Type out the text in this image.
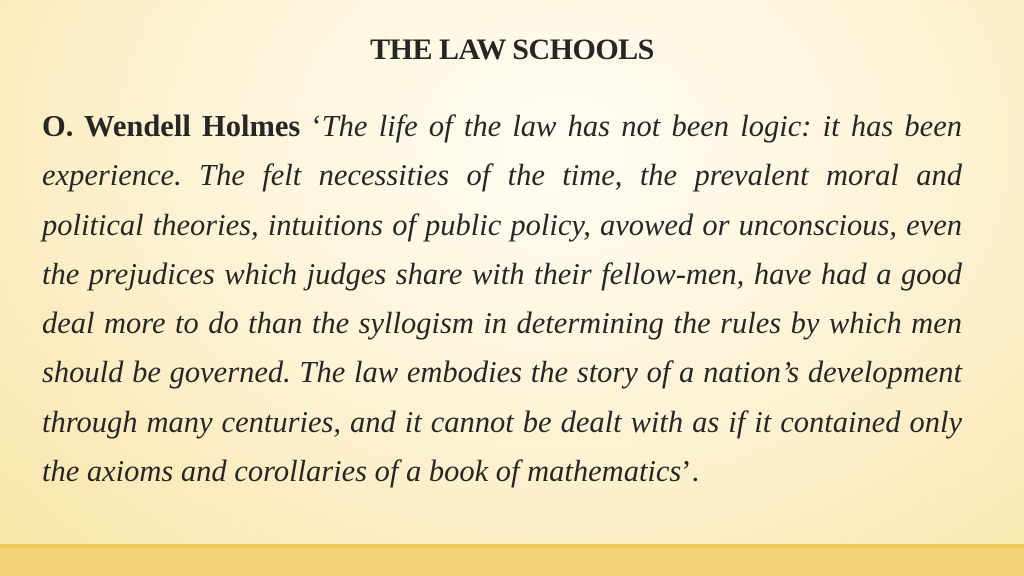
THE LAW SCHOOLS
O. Wendell Holmes ‘The life of the law has not been logic: it has been experience. The felt necessities of the time, the prevalent moral and political theories, intuitions of public policy, avowed or unconscious, even the prejudices which judges share with their fellow-men, have had a good deal more to do than the syllogism in determining the rules by which men should be governed. The law embodies the story of a nation’s development through many centuries, and it cannot be dealt with as if it contained only the axioms and corollaries of a book of mathematics’.
